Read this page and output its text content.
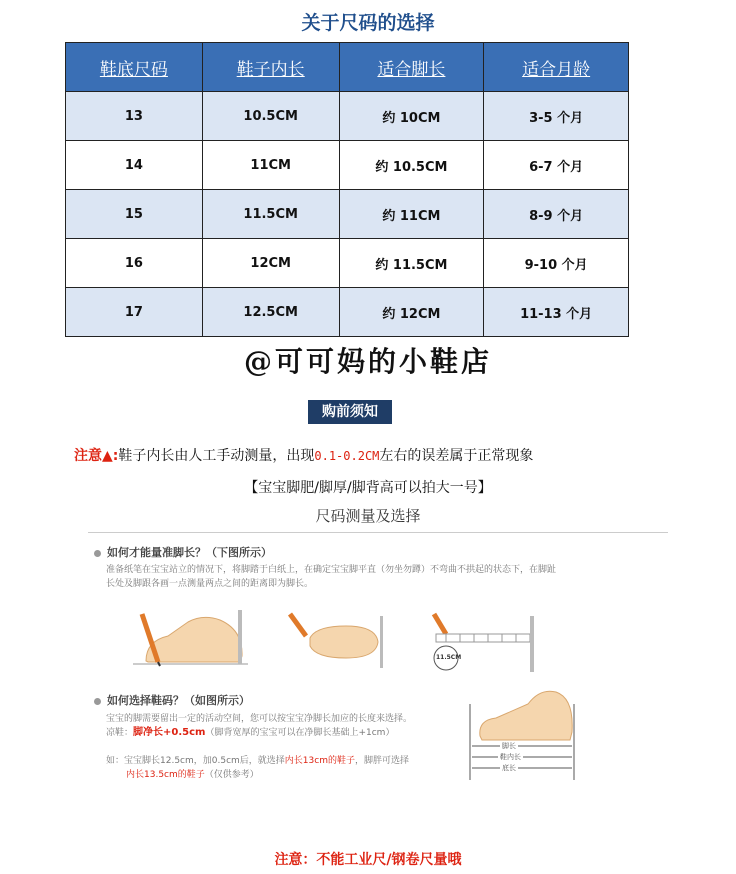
关于尺码的选择
鞋底尺码	鞋子内长	适合脚长	适合月龄
13	10.5CM	约 10CM	3-5 个月
14	11CM	约 10.5CM	6-7 个月
15	11.5CM	约 11CM	8-9 个月
16	12CM	约 11.5CM	9-10 个月
17	12.5CM	约 12CM	11-13 个月
@可可妈的小鞋店
购前须知
注意▲:鞋子内长由人工手动测量，出现0.1-0.2CM左右的误差属于正常现象
【宝宝脚肥/脚厚/脚背高可以拍大一号】
尺码测量及选择
如何才能量准脚长？（下图所示）
准备纸笔在宝宝站立的情况下，将脚踏于白纸上，在确定宝宝脚平直（勿坐勿蹲）不弯曲不拱起的状态下，在脚趾
长处及脚跟各画一点测量两点之间的距离即为脚长。
11.5CM
如何选择鞋码？（如图所示）
宝宝的脚需要留出一定的活动空间，您可以按宝宝净脚长加应的长度来选择。
凉鞋：脚净长+0.5cm（脚背宽厚的宝宝可以在净脚长基础上+1cm）
如：宝宝脚长12.5cm，加0.5cm后，就选择内长13cm的鞋子，脚胖可选择
内长13.5cm的鞋子（仅供参考）
脚长
鞋内长
底长
注意：不能工业尺/钢卷尺量哦
